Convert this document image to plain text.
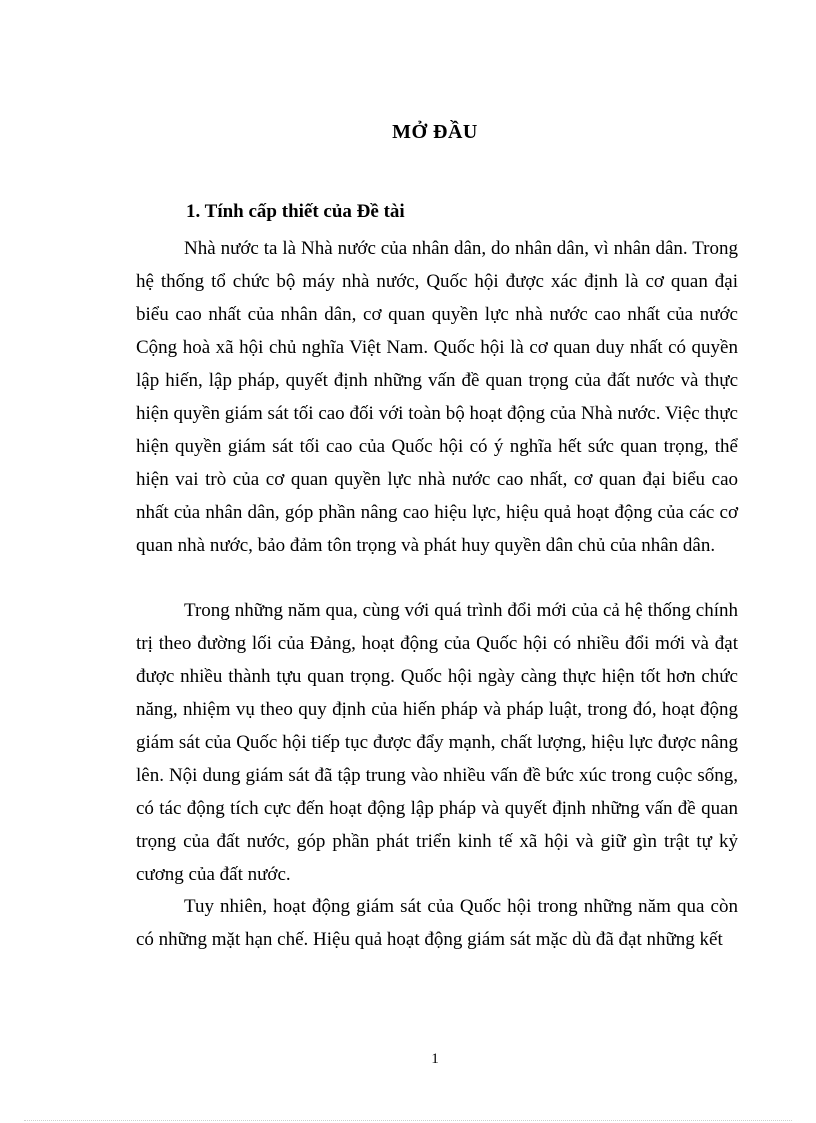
MỞ ĐẦU
1. Tính cấp thiết của Đề tài

Nhà nước ta là Nhà nước của nhân dân, do nhân dân, vì nhân dân. Trong hệ thống tổ chức bộ máy nhà nước, Quốc hội được xác định là cơ quan đại biểu cao nhất của nhân dân, cơ quan quyền lực nhà nước cao nhất của nước Cộng hoà xã hội chủ nghĩa Việt Nam. Quốc hội là cơ quan duy nhất có quyền lập hiến, lập pháp, quyết định những vấn đề quan trọng của đất nước và thực hiện quyền giám sát tối cao đối với toàn bộ hoạt động của Nhà nước. Việc thực hiện quyền giám sát tối cao của Quốc hội có ý nghĩa hết sức quan trọng, thể hiện vai trò của cơ quan quyền lực nhà nước cao nhất, cơ quan đại biểu cao nhất của nhân dân, góp phần nâng cao hiệu lực, hiệu quả hoạt động của các cơ quan nhà nước, bảo đảm tôn trọng và phát huy quyền dân chủ của nhân dân.

Trong những năm qua, cùng với quá trình đổi mới của cả hệ thống chính trị theo đường lối của Đảng, hoạt động của Quốc hội có nhiều đổi mới và đạt được nhiều thành tựu quan trọng. Quốc hội ngày càng thực hiện tốt hơn chức năng, nhiệm vụ theo quy định của hiến pháp và pháp luật, trong đó, hoạt động giám sát của Quốc hội tiếp tục được đẩy mạnh, chất lượng, hiệu lực được nâng lên. Nội dung giám sát đã tập trung vào nhiều vấn đề bức xúc trong cuộc sống, có tác động tích cực đến hoạt động lập pháp và quyết định những vấn đề quan trọng của đất nước, góp phần phát triển kinh tế xã hội và giữ gìn trật tự kỷ cương của đất nước.

Tuy nhiên, hoạt động giám sát của Quốc hội trong những năm qua còn có những mặt hạn chế. Hiệu quả hoạt động giám sát mặc dù đã đạt những kết

1
